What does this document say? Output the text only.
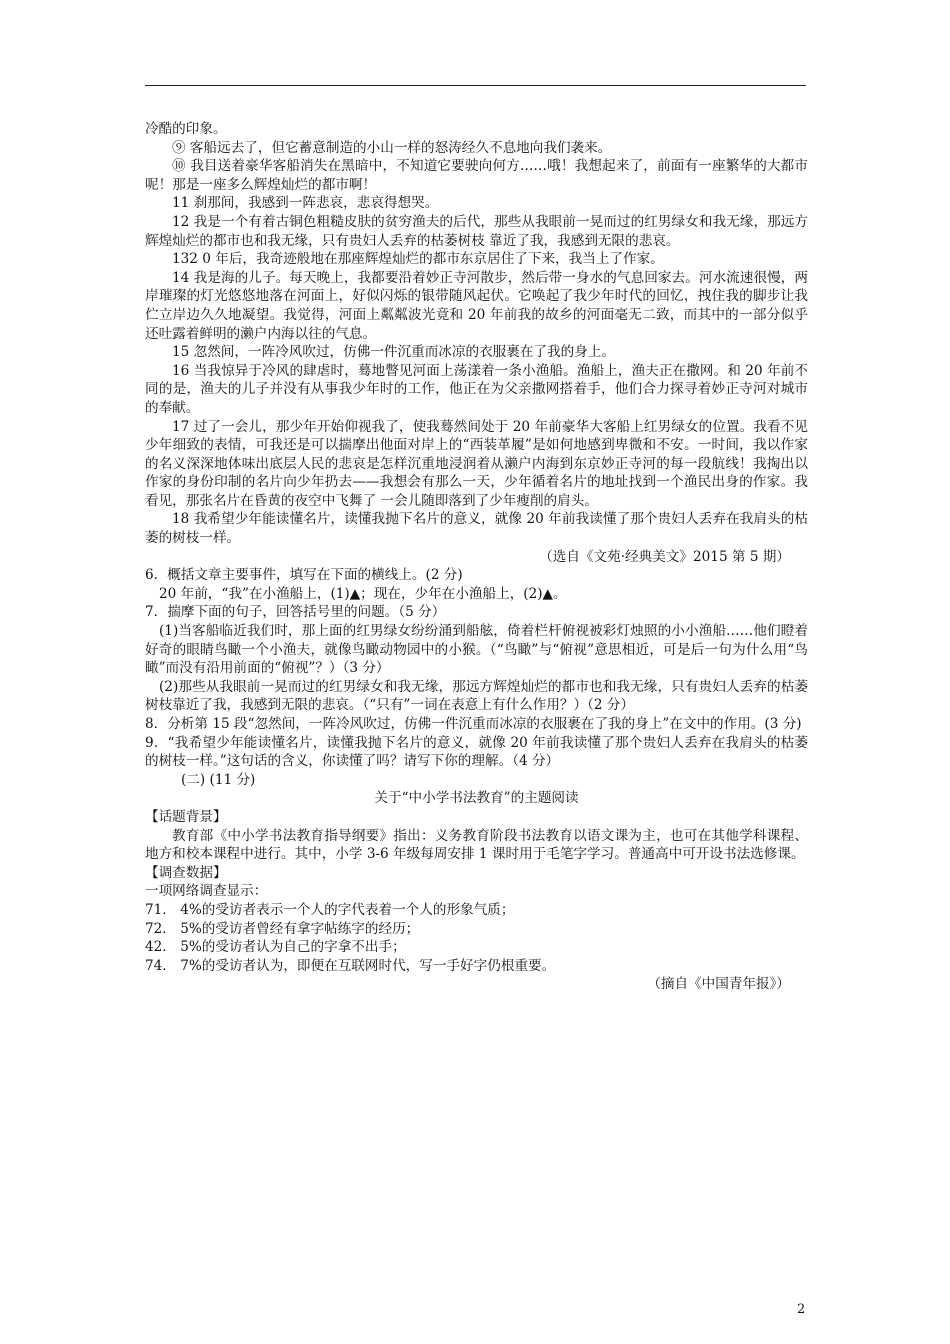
冷酷的印象。

⑨ 客船远去了，但它蓄意制造的小山一样的怒涛经久不息地向我们袭来。

⑩ 我目送着豪华客船消失在黑暗中，不知道它要驶向何方……哦！我想起来了，前面有一座繁华的大都市呢！那是一座多么辉煌灿烂的都市啊！

11 刹那间，我感到一阵悲哀，悲哀得想哭。

12 我是一个有着古铜色粗糙皮肤的贫穷渔夫的后代，那些从我眼前一晃而过的红男绿女和我无缘，那远方辉煌灿烂的都市也和我无缘，只有贵妇人丢弃的枯萎树枝 靠近了我，我感到无限的悲哀。

132 0 年后，我奇迹般地在那座辉煌灿烂的都市东京居住了下来，我当上了作家。

14 我是海的儿子。每天晚上，我都要沿着妙正寺河散步，然后带一身水的气息回家去。河水流速很慢，两岸璀璨的灯光悠悠地落在河面上，好似闪烁的银带随风起伏。它唤起了我少年时代的回忆，拽住我的脚步让我伫立岸边久久地凝望。我觉得，河面上粼粼波光竟和 20 年前我的故乡的河面毫无二致，而其中的一部分似乎还吐露着鲜明的濑户内海以往的气息。

15 忽然间，一阵冷风吹过，仿佛一件沉重而冰凉的衣服裹在了我的身上。

16 当我惊异于冷风的肆虐时，蓦地瞥见河面上荡漾着一条小渔船。渔船上，渔夫正在撒网。和 20 年前不同的是，渔夫的儿子并没有从事我少年时的工作，他正在为父亲撒网搭着手，他们合力探寻着妙正寺河对城市的奉献。

17 过了一会儿，那少年开始仰视我了，使我蓦然间处于 20 年前豪华大客船上红男绿女的位置。我看不见少年细致的表情，可我还是可以揣摩出他面对岸上的“西装革履”是如何地感到卑微和不安。一时间，我以作家的名义深深地体味出底层人民的悲哀是怎样沉重地浸润着从濑户内海到东京妙正寺河的每一段航线！我掏出以作家的身份印制的名片向少年扔去——我想会有那么一天，少年循着名片的地址找到一个渔民出身的作家。我看见，那张名片在昏黄的夜空中飞舞了 一会儿随即落到了少年瘦削的肩头。

18 我希望少年能读懂名片，读懂我抛下名片的意义，就像 20 年前我读懂了那个贵妇人丢弃在我肩头的枯萎的树枝一样。

（选自《文苑·经典美文》2015 第 5 期）

6．概括文章主要事件，填写在下面的横线上。(2 分)

20 年前，“我”在小渔船上，(1)▲；现在，少年在小渔船上，(2)▲。

7．揣摩下面的句子，回答括号里的问题。（5 分）

(1)当客船临近我们时，那上面的红男绿女纷纷涌到船舷，倚着栏杆俯视被彩灯烛照的小小渔船……他们瞪着好奇的眼睛鸟瞰一个小渔夫，就像鸟瞰动物园中的小猴。（“鸟瞰”与“俯视”意思相近，可是后一句为什么用“鸟瞰”而没有沿用前面的“俯视”？）（3 分）

(2)那些从我眼前一晃而过的红男绿女和我无缘，那远方辉煌灿烂的都市也和我无缘，只有贵妇人丢弃的枯萎树枝靠近了我，我感到无限的悲哀。（“只有”一词在表意上有什么作用？）（2 分）

8．分析第 15 段“忽然间，一阵冷风吹过，仿佛一件沉重而冰凉的衣服裹在了我的身上”在文中的作用。(3 分)

9．“我希望少年能读懂名片，读懂我抛下名片的意义，就像 20 年前我读懂了那个贵妇人丢弃在我肩头的枯萎的树枝一样。”这句话的含义，你读懂了吗？请写下你的理解。（4 分）

(二) (11 分)

关于“中小学书法教育”的主题阅读

【话题背景】

教育部《中小学书法教育指导纲要》指出：义务教育阶段书法教育以语文课为主，也可在其他学科课程、地方和校本课程中进行。其中，小学 3-6 年级每周安排 1 课时用于毛笔字学习。普通高中可开设书法选修课。

【调查数据】

一项网络调查显示：

71． 4%的受访者表示一个人的字代表着一个人的形象气质；

72． 5%的受访者曾经有拿字帖练字的经历；

42． 5%的受访者认为自己的字拿不出手；

74． 7%的受访者认为，即便在互联网时代，写一手好字仍根重要。

（摘自《中国青年报》）

2
